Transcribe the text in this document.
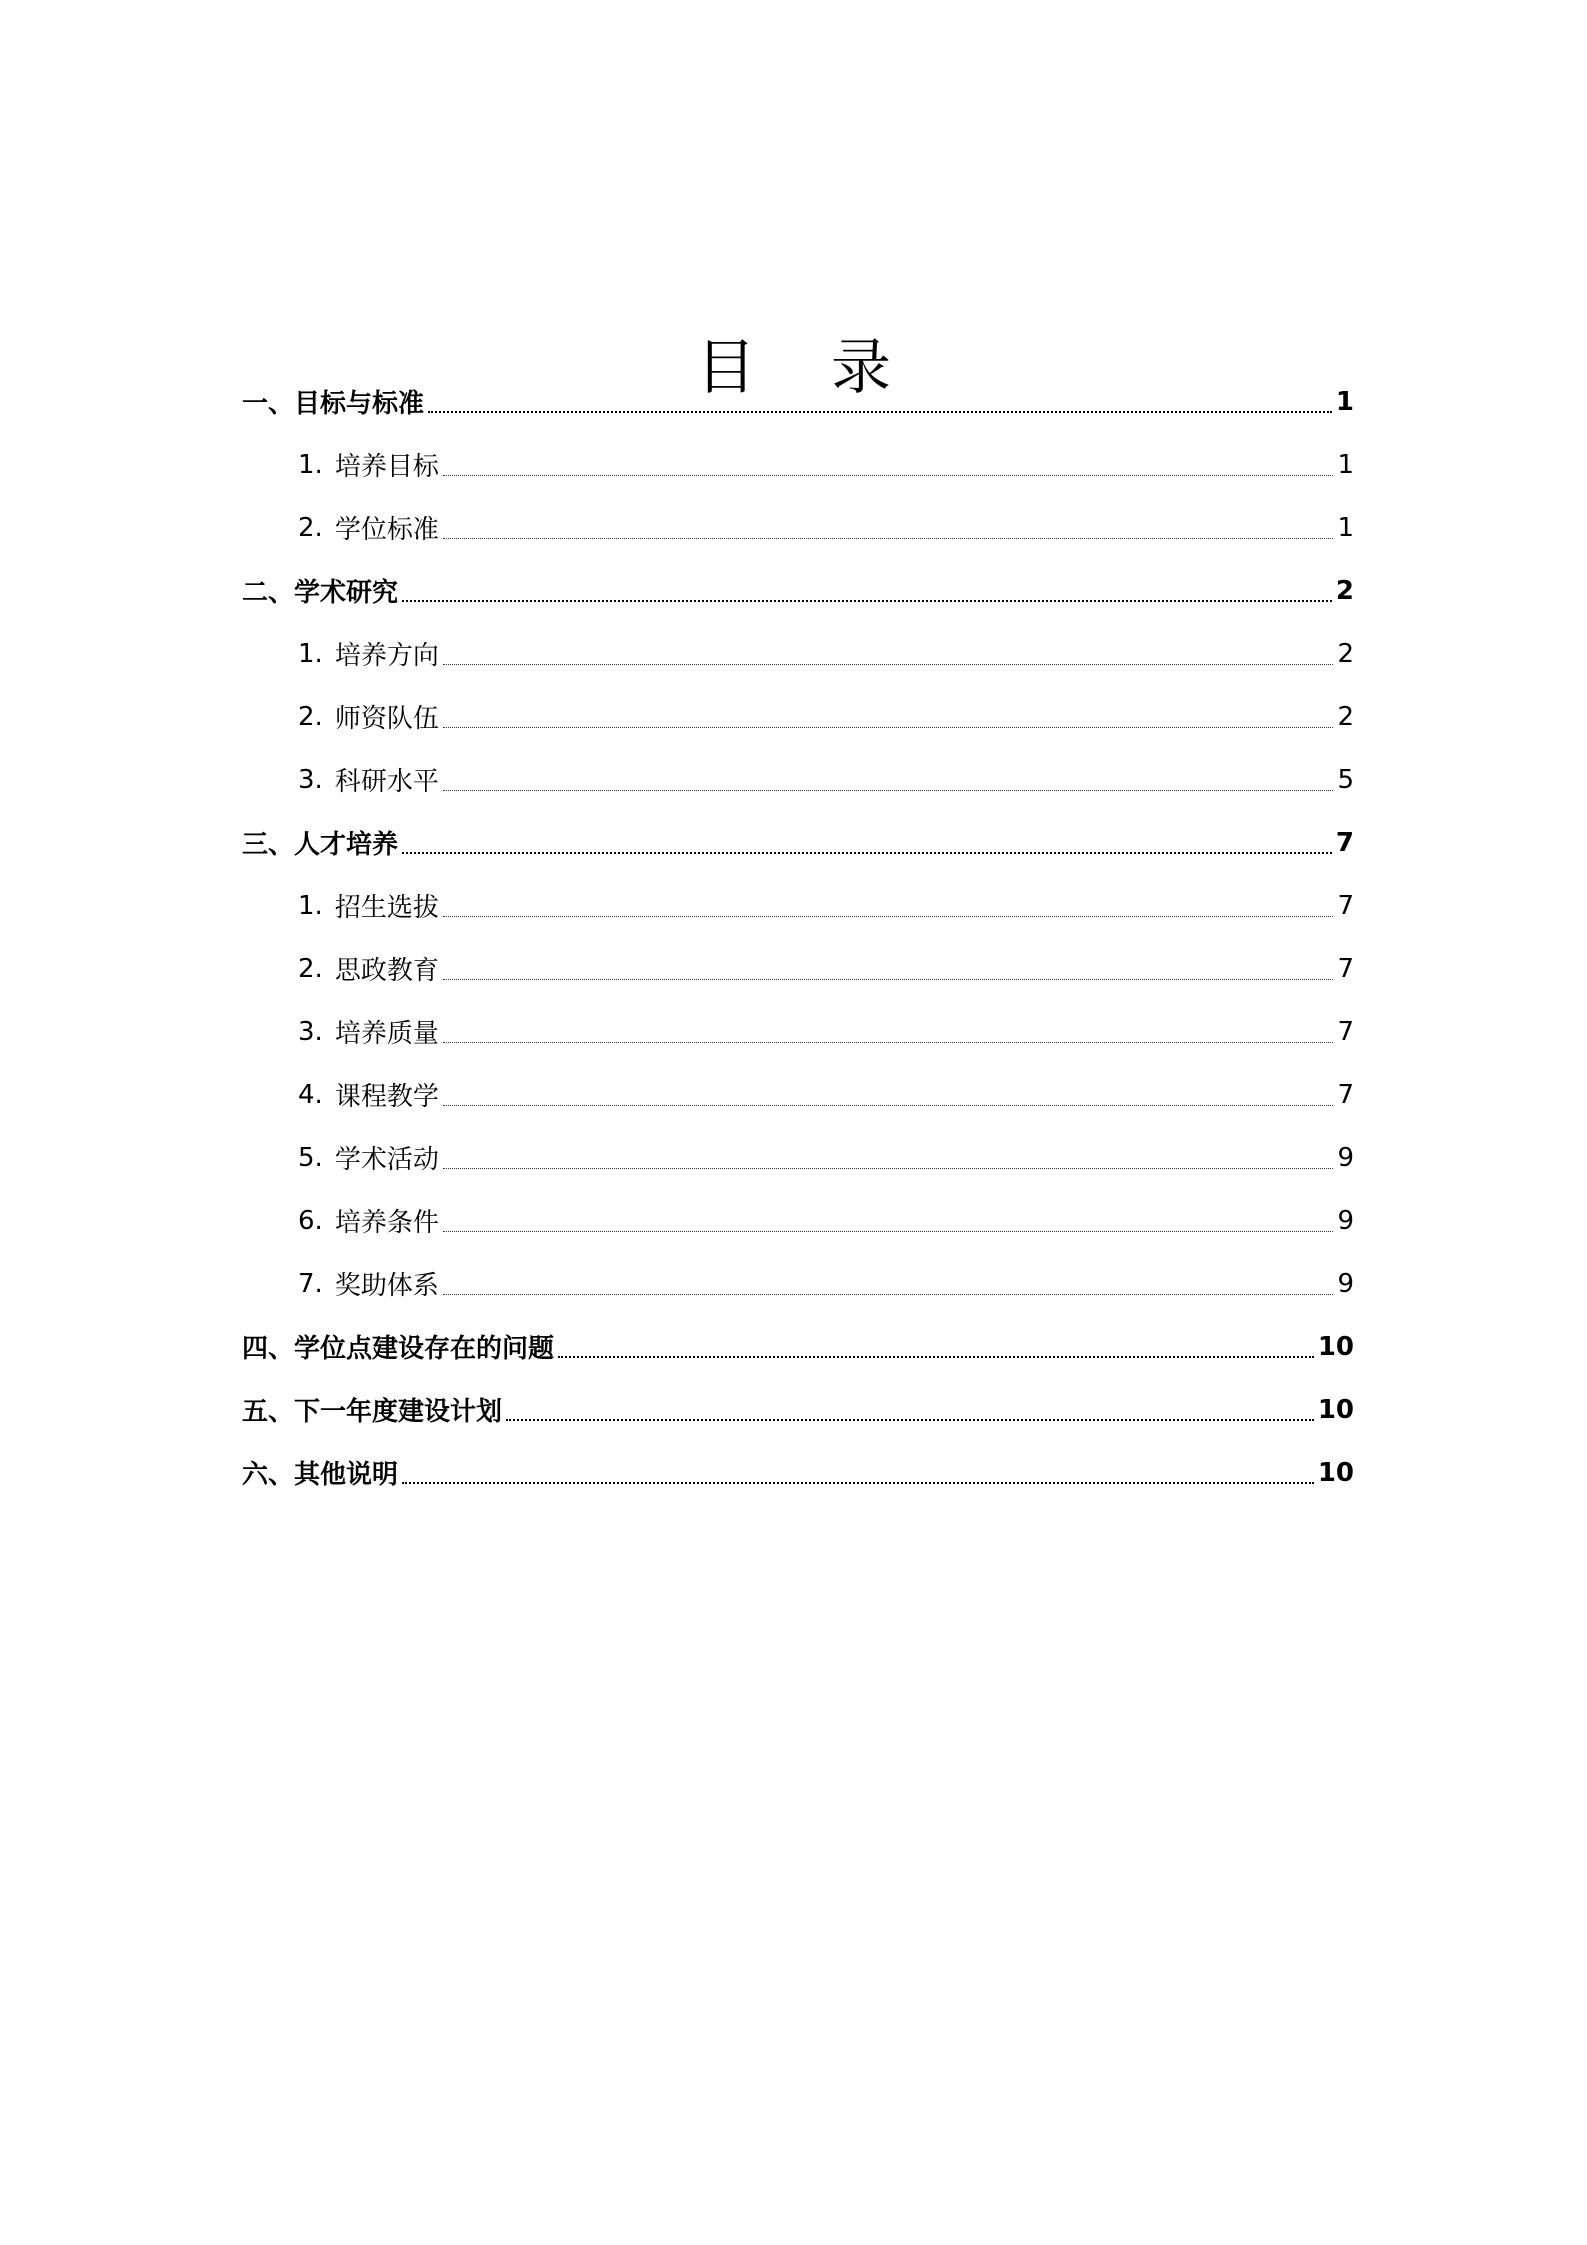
目 录
一、 目标与标准	1
1. 培养目标	1
2. 学位标准	1
二、 学术研究	2
1. 培养方向	2
2. 师资队伍	2
3. 科研水平	5
三、 人才培养	7
1. 招生选拔	7
2. 思政教育	7
3. 培养质量	7
4. 课程教学	7
5. 学术活动	9
6. 培养条件	9
7. 奖助体系	9
四、 学位点建设存在的问题	10
五、 下一年度建设计划	10
六、 其他说明	10
